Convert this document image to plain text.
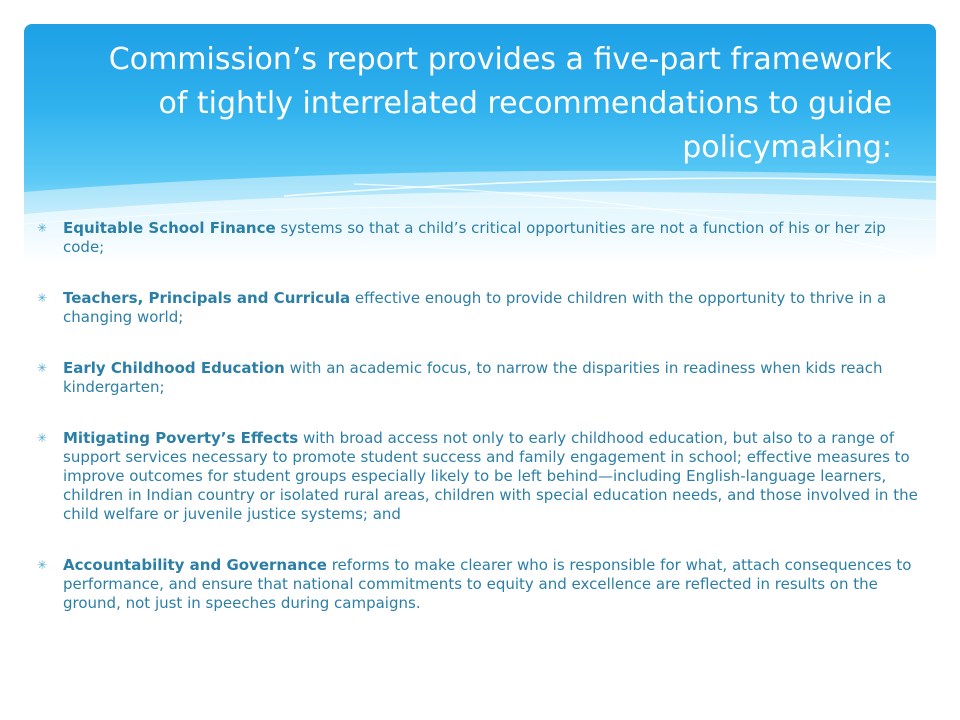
Commission’s report provides a five-part framework of tightly interrelated recommendations to guide policymaking:
✳ Equitable School Finance systems so that a child’s critical opportunities are not a function of his or her zip code;
✳ Teachers, Principals and Curricula effective enough to provide children with the opportunity to thrive in a changing world;
✳ Early Childhood Education with an academic focus, to narrow the disparities in readiness when kids reach kindergarten;
✳ Mitigating Poverty’s Effects with broad access not only to early childhood education, but also to a range of support services necessary to promote student success and family engagement in school; effective measures to improve outcomes for student groups especially likely to be left behind—including English-language learners, children in Indian country or isolated rural areas, children with special education needs, and those involved in the child welfare or juvenile justice systems; and
✳ Accountability and Governance reforms to make clearer who is responsible for what, attach consequences to performance, and ensure that national commitments to equity and excellence are reflected in results on the ground, not just in speeches during campaigns.
